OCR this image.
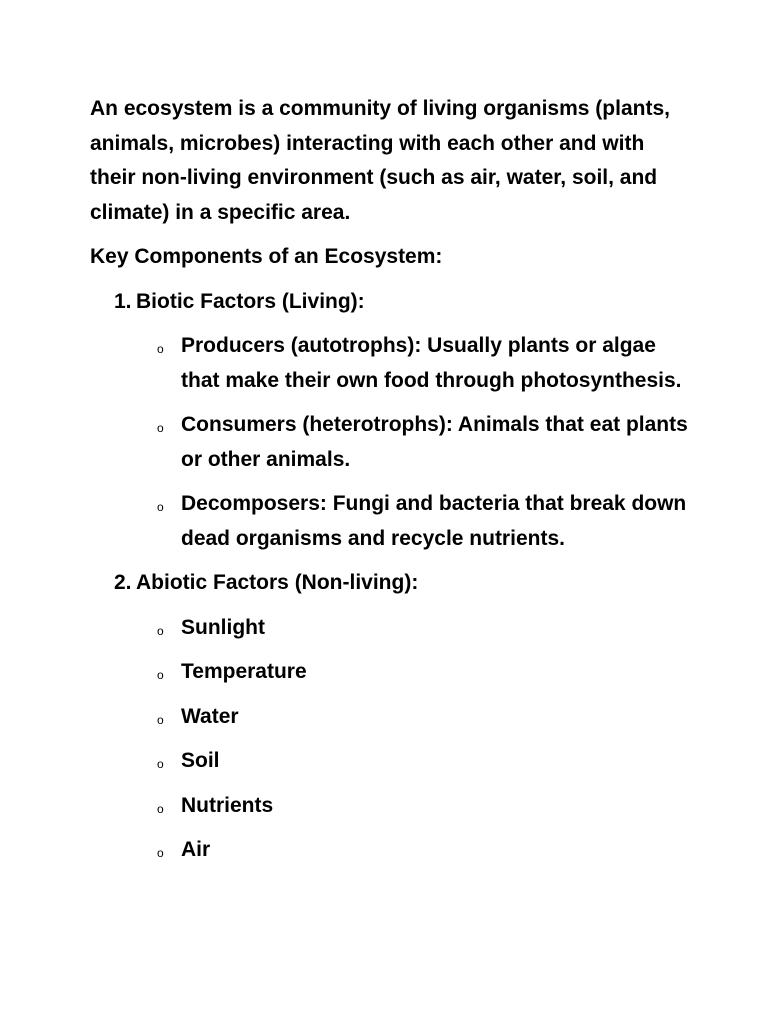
An ecosystem is a community of living organisms (plants, animals, microbes) interacting with each other and with their non-living environment (such as air, water, soil, and climate) in a specific area.

Key Components of an Ecosystem:

1. Biotic Factors (Living):
o Producers (autotrophs): Usually plants or algae that make their own food through photosynthesis.
o Consumers (heterotrophs): Animals that eat plants or other animals.
o Decomposers: Fungi and bacteria that break down dead organisms and recycle nutrients.
2. Abiotic Factors (Non-living):
o Sunlight
o Temperature
o Water
o Soil
o Nutrients
o Air
